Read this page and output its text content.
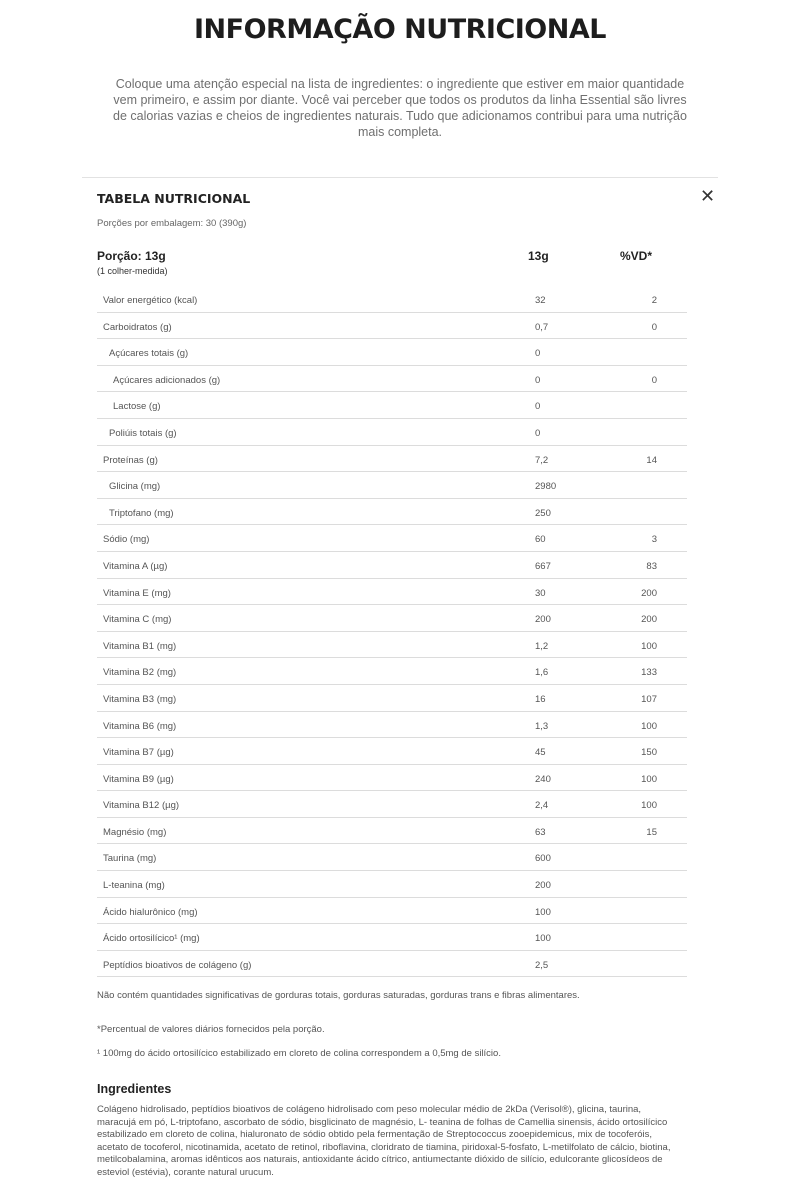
INFORMAÇÃO NUTRICIONAL

Coloque uma atenção especial na lista de ingredientes: o ingrediente que estiver em maior quantidade vem primeiro, e assim por diante. Você vai perceber que todos os produtos da linha Essential são livres de calorias vazias e cheios de ingredientes naturais. Tudo que adicionamos contribui para uma nutrição mais completa.

TABELA NUTRICIONAL	✕
Porções por embalagem: 30 (390g)
Porção: 13g
(1 colher-medida)
13g	%VD*
Valor energético (kcal)	32	2
Carboidratos (g)	0,7	0
Açúcares totais (g)	0
Açúcares adicionados (g)	0	0
Lactose (g)	0
Poliúis totais (g)	0
Proteínas (g)	7,2	14
Glicina (mg)	2980
Triptofano (mg)	250
Sódio (mg)	60	3
Vitamina A (µg)	667	83
Vitamina E (mg)	30	200
Vitamina C (mg)	200	200
Vitamina B1 (mg)	1,2	100
Vitamina B2 (mg)	1,6	133
Vitamina B3 (mg)	16	107
Vitamina B6 (mg)	1,3	100
Vitamina B7 (µg)	45	150
Vitamina B9 (µg)	240	100
Vitamina B12 (µg)	2,4	100
Magnésio (mg)	63	15
Taurina (mg)	600
L-teanina (mg)	200
Ácido hialurônico (mg)	100
Ácido ortosilícico¹ (mg)	100
Peptídios bioativos de colágeno (g)	2,5

Não contém quantidades significativas de gorduras totais, gorduras saturadas, gorduras trans e fibras alimentares.

*Percentual de valores diários fornecidos pela porção.

¹ 100mg do ácido ortosilícico estabilizado em cloreto de colina correspondem a 0,5mg de silício.

Ingredientes

Colágeno hidrolisado, peptídios bioativos de colágeno hidrolisado com peso molecular médio de 2kDa (Verisol®), glicina, taurina, maracujá em pó, L-triptofano, ascorbato de sódio, bisglicinato de magnésio, L- teanina de folhas de Camellia sinensis, ácido ortosilícico estabilizado em cloreto de colina, hialuronato de sódio obtido pela fermentação de Streptococcus zooepidemicus, mix de tocoferóis, acetato de tocoferol, nicotinamida, acetato de retinol, riboflavina, cloridrato de tiamina, piridoxal-5-fosfato, L-metilfolato de cálcio, biotina, metilcobalamina, aromas idênticos aos naturais, antioxidante ácido cítrico, antiumectante dióxido de silício, edulcorante glicosídeos de esteviol (estévia), corante natural urucum.
